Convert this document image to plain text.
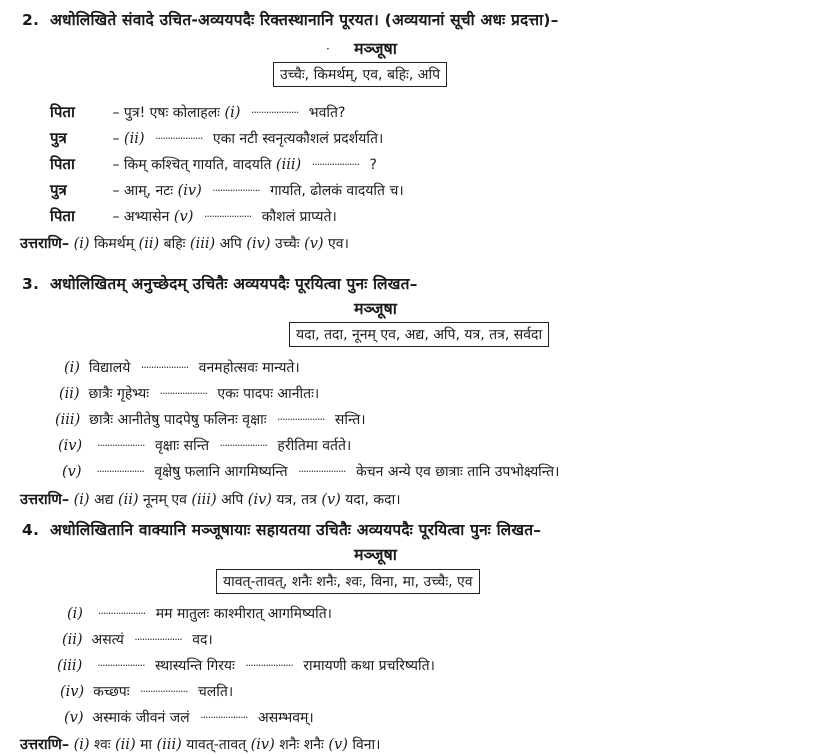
2. अधोलिखिते संवादे उचित-अव्ययपदैः रिक्तस्थानानि पूरयत। (अव्ययानां सूची अधः प्रदत्ता)–
· मञ्जूषा
उच्चैः, किमर्थम्, एव, बहिः, अपि
पिता	– पुत्र! एषः कोलाहलः (i) ................... भवति?
पुत्र	– (ii) ................... एका नटी स्वनृत्यकौशलं प्रदर्शयति।
पिता	– किम् कश्चित् गायति, वादयति (iii) ................... ?
पुत्र	– आम्, नटः (iv) ................... गायति, ढोलकं वादयति च।
पिता	– अभ्यासेन (v) ................... कौशलं प्राप्यते।
उत्तराणि– (i) किमर्थम् (ii) बहिः (iii) अपि (iv) उच्चैः (v) एव।
3. अधोलिखितम् अनुच्छेदम् उचितैः अव्ययपदैः पूरयित्वा पुनः लिखत–
मञ्जूषा
यदा, तदा, नूनम् एव, अद्य, अपि, यत्र, तत्र, सर्वदा
(i) विद्यालये ................... वनमहोत्सवः मान्यते।
(ii) छात्रैः गृहेभ्यः ................... एकः पादपः आनीतः।
(iii) छात्रैः आनीतेषु पादपेषु फलिनः वृक्षाः ................... सन्ति।
(iv) ................... वृक्षाः सन्ति ................... हरीतिमा वर्तते।
(v) ................... वृक्षेषु फलानि आगमिष्यन्ति ................... केचन अन्ये एव छात्राः तानि उपभोक्ष्यन्ति।
उत्तराणि– (i) अद्य (ii) नूनम् एव (iii) अपि (iv) यत्र, तत्र (v) यदा, कदा।
4. अधोलिखितानि वाक्यानि मञ्जूषायाः सहायतया उचितैः अव्ययपदैः पूरयित्वा पुनः लिखत–
मञ्जूषा
यावत्-तावत्, शनैः शनैः, श्वः, विना, मा, उच्चैः, एव
(i) ................... मम मातुलः काश्मीरात् आगमिष्यति।
(ii) असत्यं ................... वद।
(iii) ................... स्थास्यन्ति गिरयः ................... रामायणी कथा प्रचरिष्यति।
(iv) कच्छपः ................... चलति।
(v) अस्माकं जीवनं जलं ................... असम्भवम्।
उत्तराणि– (i) श्वः (ii) मा (iii) यावत्-तावत् (iv) शनैः शनैः (v) विना।
